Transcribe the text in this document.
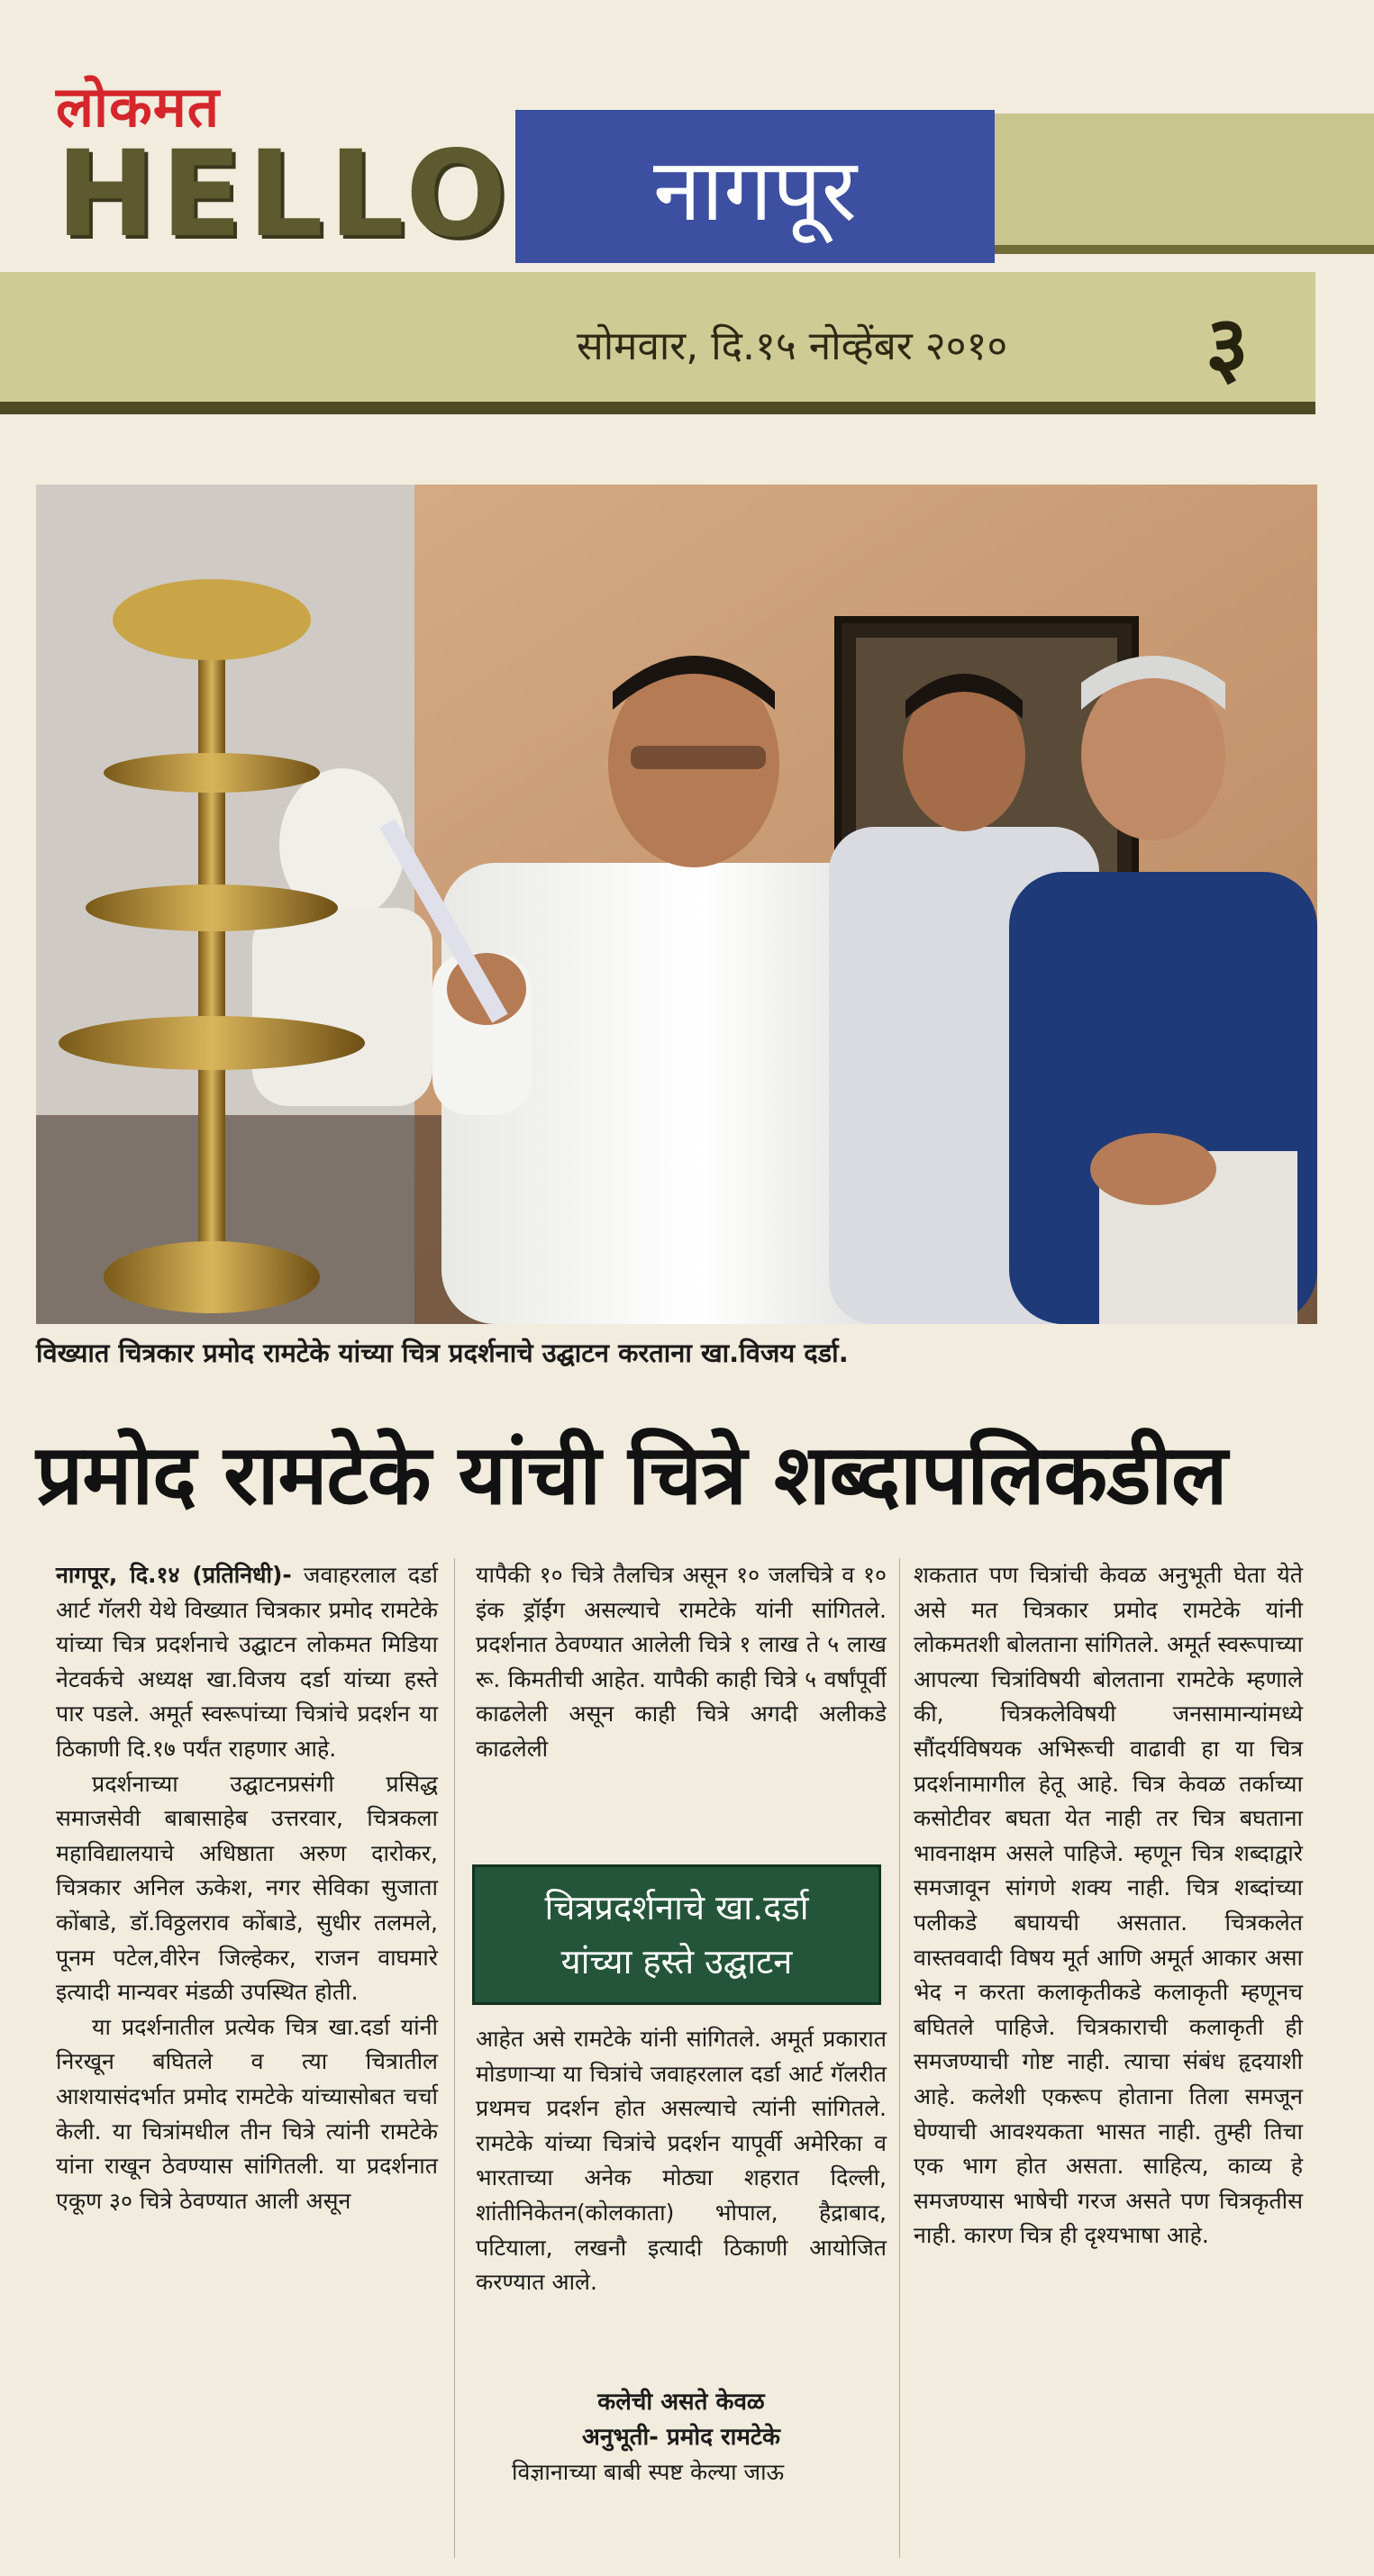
लोकमत
HELLO	नागपूर
सोमवार, दि.१५ नोव्हेंबर २०१० ३
विख्यात चित्रकार प्रमोद रामटेके यांच्या चित्र प्रदर्शनाचे उद्घाटन करताना खा.विजय दर्डा.
प्रमोद रामटेके यांची चित्रे शब्दापलिकडील

नागपूर, दि.१४ (प्रतिनिधी)- जवाहरलाल दर्डा आर्ट गॅलरी येथे विख्यात चित्रकार प्रमोद रामटेके यांच्या चित्र प्रदर्शनाचे उद्घाटन लोकमत मिडिया नेटवर्कचे अध्यक्ष खा.विजय दर्डा यांच्या हस्ते पार पडले. अमूर्त स्वरूपांच्या चित्रांचे प्रदर्शन या ठिकाणी दि.१७ पर्यंत राहणार आहे.

प्रदर्शनाच्या उद्घाटनप्रसंगी प्रसिद्ध समाजसेवी बाबासाहेब उत्तरवार, चित्रकला महाविद्यालयाचे अधिष्ठाता अरुण दारोकर, चित्रकार अनिल ऊकेश, नगर सेविका सुजाता कोंबाडे, डॉ.विठ्ठलराव कोंबाडे, सुधीर तलमले, पूनम पटेल,वीरेन जिल्हेकर, राजन वाघमारे इत्यादी मान्यवर मंडळी उपस्थित होती.

या प्रदर्शनातील प्रत्येक चित्र खा.दर्डा यांनी निरखून बघितले व त्या चित्रातील आशयासंदर्भात प्रमोद रामटेके यांच्यासोबत चर्चा केली. या चित्रांमधील तीन चित्रे त्यांनी रामटेके यांना राखून ठेवण्यास सांगितली. या प्रदर्शनात एकूण ३० चित्रे ठेवण्यात आली असून

यापैकी १० चित्रे तैलचित्र असून १० जलचित्रे व १० इंक ड्रॉईंग असल्याचे रामटेके यांनी सांगितले. प्रदर्शनात ठेवण्यात आलेली चित्रे १ लाख ते ५ लाख रू. किमतीची आहेत. यापैकी काही चित्रे ५ वर्षांपूर्वी काढलेली असून काही चित्रे अगदी अलीकडे काढलेली

चित्रप्रदर्शनाचे खा.दर्डा
यांच्या हस्ते उद्घाटन

आहेत असे रामटेके यांनी सांगितले. अमूर्त प्रकारात मोडणाऱ्या या चित्रांचे जवाहरलाल दर्डा आर्ट गॅलरीत प्रथमच प्रदर्शन होत असल्याचे त्यांनी सांगितले. रामटेके यांच्या चित्रांचे प्रदर्शन यापूर्वी अमेरिका व भारताच्या अनेक मोठ्या शहरात दिल्ली, शांतीनिकेतन(कोलकाता) भोपाल, हैद्राबाद, पटियाला, लखनौ इत्यादी ठिकाणी आयोजित करण्यात आले.

कलेची असते केवळ
अनुभूती- प्रमोद रामटेके

विज्ञानाच्या बाबी स्पष्ट केल्या जाऊ

शकतात पण चित्रांची केवळ अनुभूती घेता येते असे मत चित्रकार प्रमोद रामटेके यांनी लोकमतशी बोलताना सांगितले. अमूर्त स्वरूपाच्या आपल्या चित्रांविषयी बोलताना रामटेके म्हणाले की, चित्रकलेविषयी जनसामान्यांमध्ये सौंदर्यविषयक अभिरूची वाढावी हा या चित्र प्रदर्शनामागील हेतू आहे. चित्र केवळ तर्काच्या कसोटीवर बघता येत नाही तर चित्र बघताना भावनाक्षम असले पाहिजे. म्हणून चित्र शब्दाद्वारे समजावून सांगणे शक्य नाही. चित्र शब्दांच्या पलीकडे बघायची असतात. चित्रकलेत वास्तववादी विषय मूर्त आणि अमूर्त आकार असा भेद न करता कलाकृतीकडे कलाकृती म्हणूनच बघितले पाहिजे. चित्रकाराची कलाकृती ही समजण्याची गोष्ट नाही. त्याचा संबंध हृदयाशी आहे. कलेशी एकरूप होताना तिला समजून घेण्याची आवश्यकता भासत नाही. तुम्ही तिचा एक भाग होत असता. साहित्य, काव्य हे समजण्यास भाषेची गरज असते पण चित्रकृतीस नाही. कारण चित्र ही दृश्यभाषा आहे.
